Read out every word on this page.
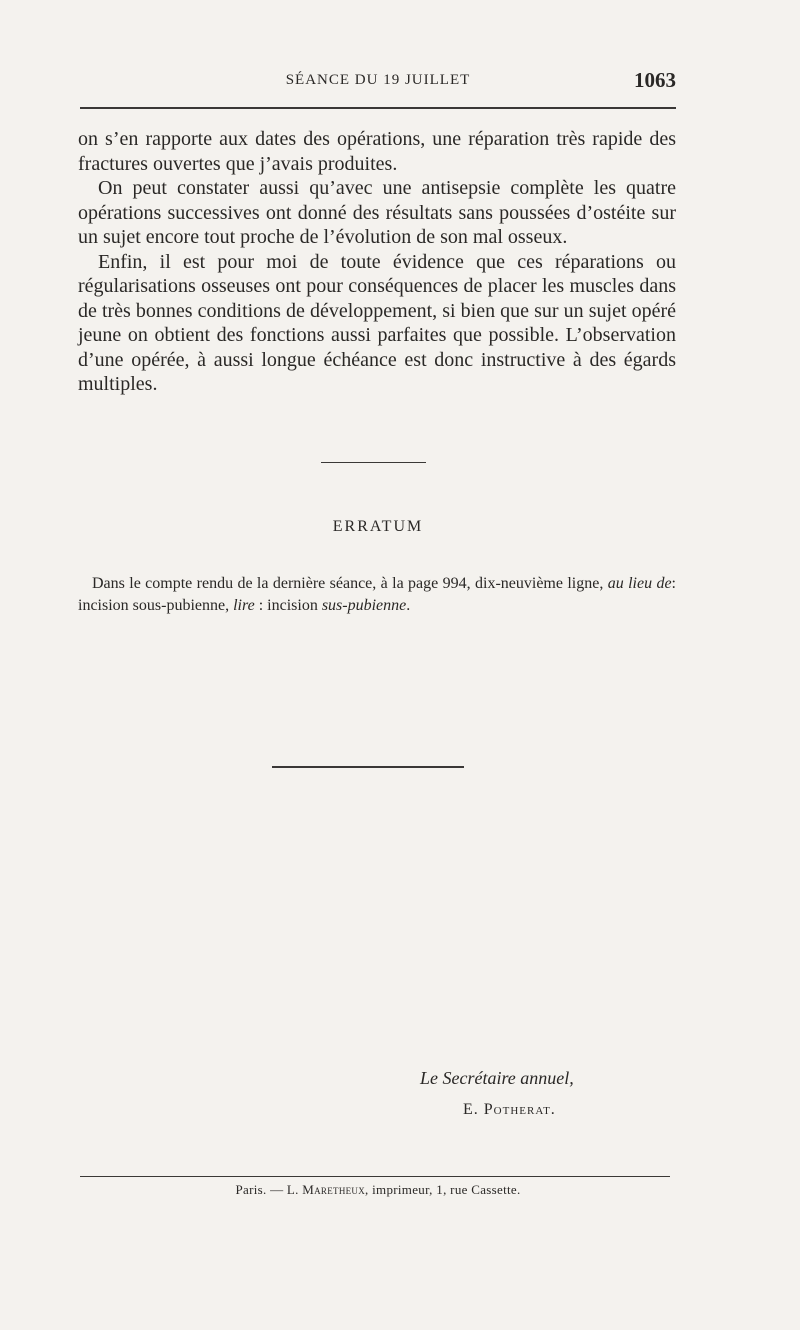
SÉANCE DU 19 JUILLET	1063

on s’en rapporte aux dates des opérations, une réparation très rapide des fractures ouvertes que j’avais produites.

On peut constater aussi qu’avec une antisepsie complète les quatre opérations successives ont donné des résultats sans poussées d’ostéite sur un sujet encore tout proche de l’évolution de son mal osseux.

Enfin, il est pour moi de toute évidence que ces réparations ou régularisations osseuses ont pour conséquences de placer les muscles dans de très bonnes conditions de développement, si bien que sur un sujet opéré jeune on obtient des fonctions aussi parfaites que possible. L’observation d’une opérée, à aussi longue échéance est donc instructive à des égards multiples.

ERRATUM

Dans le compte rendu de la dernière séance, à la page 994, dix-neuvième ligne, au lieu de: incision sous-pubienne, lire : incision sus-pubienne.

Le Secrétaire annuel,
E. Potherat.
Paris. — L. Maretheux, imprimeur, 1, rue Cassette.
